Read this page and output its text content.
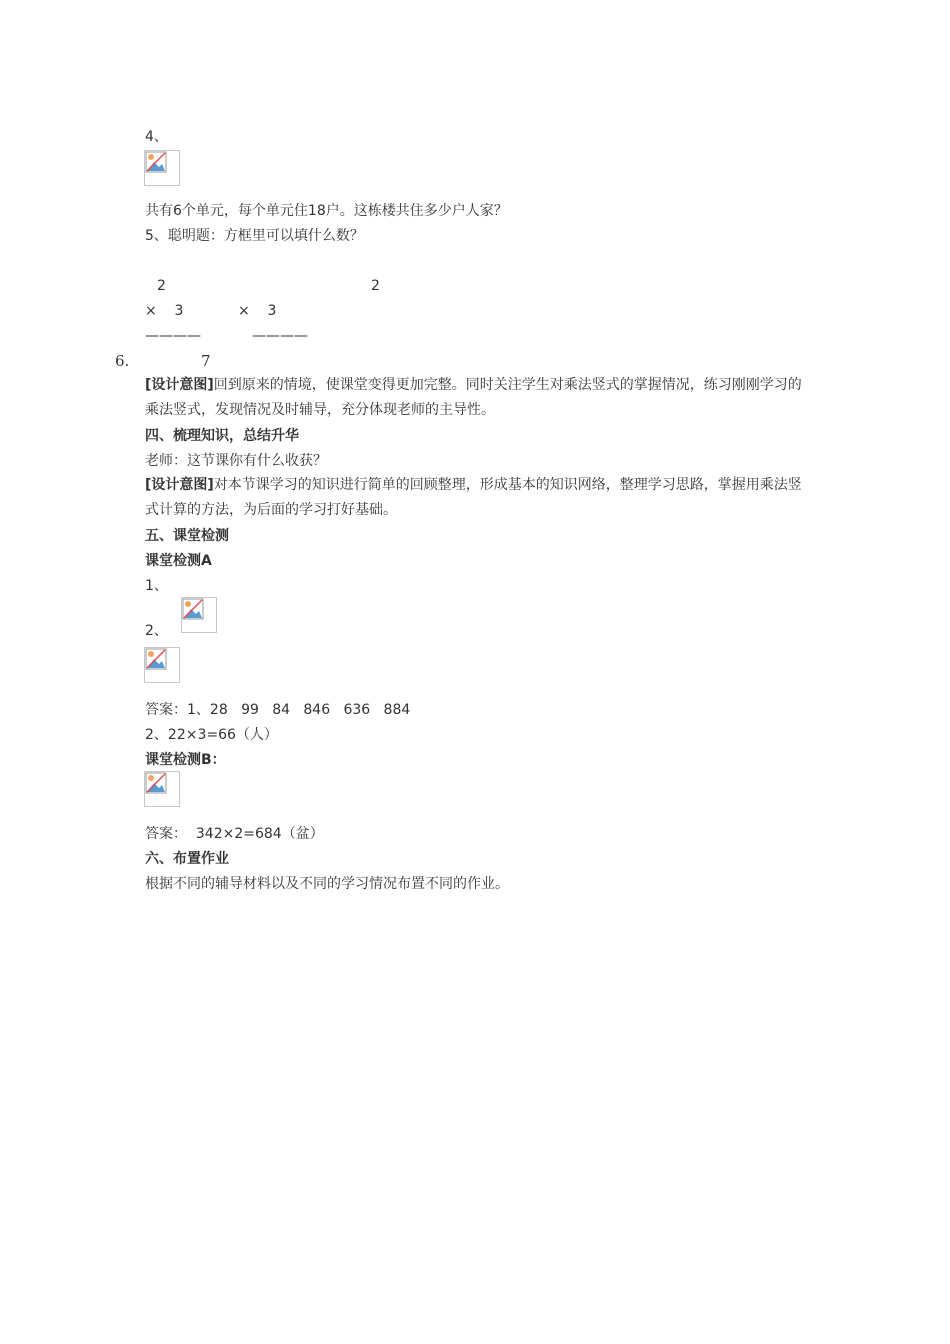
4、
共有6个单元，每个单元住18户。这栋楼共住多少户人家？
5、聪明题：方框里可以填什么数？
2	2
×    3	×    3
————	————
6.	7
[设计意图]回到原来的情境，使课堂变得更加完整。同时关注学生对乘法竖式的掌握情况，练习刚刚学习的乘法竖式，发现情况及时辅导，充分体现老师的主导性。
四、梳理知识，总结升华
老师：这节课你有什么收获？
[设计意图]对本节课学习的知识进行简单的回顾整理，形成基本的知识网络，整理学习思路，掌握用乘法竖式计算的方法，为后面的学习打好基础。
五、课堂检测
课堂检测A
1、
2、
答案：1、28   99   84   846   636   884
2、22×3=66（人）
课堂检测B：
答案：  342×2=684（盆）
六、布置作业
根据不同的辅导材料以及不同的学习情况布置不同的作业。
